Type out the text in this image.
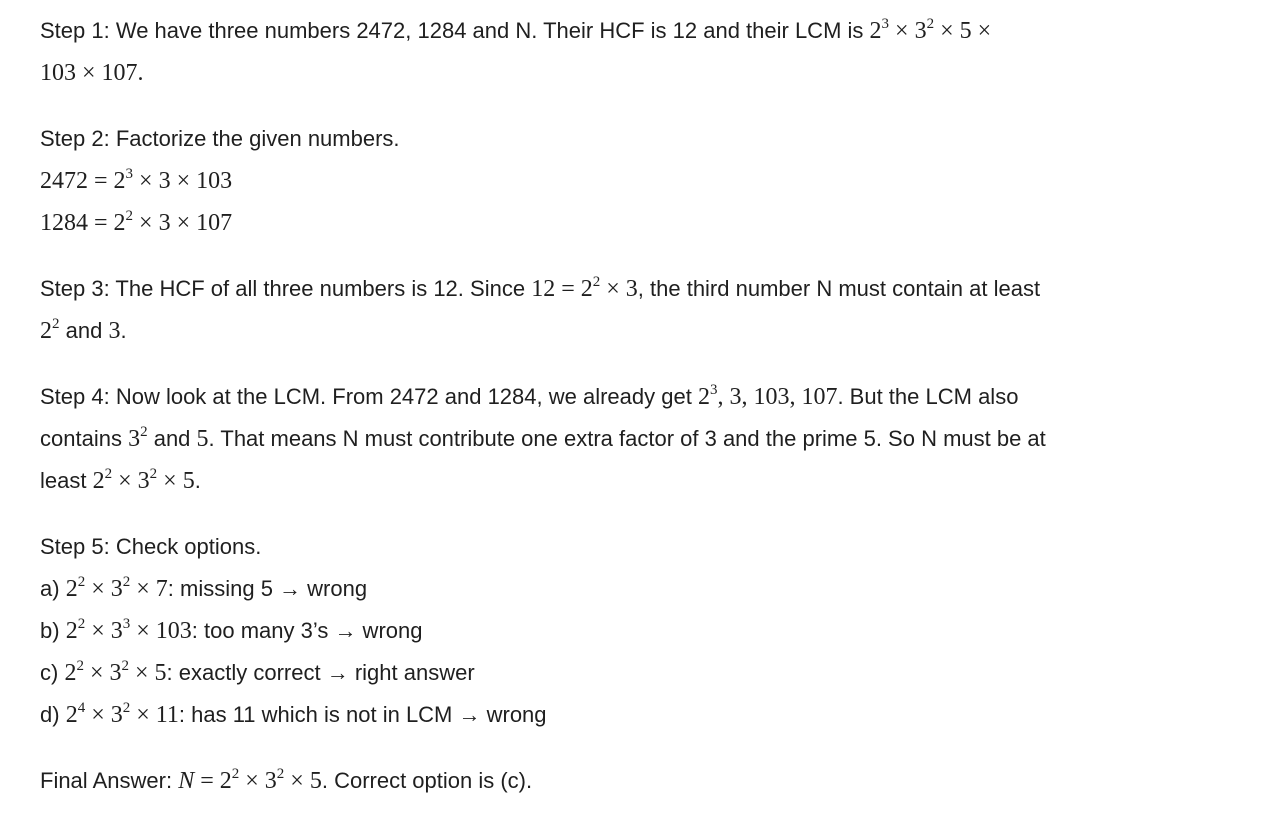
Step 1: We have three numbers 2472, 1284 and N. Their HCF is 12 and their LCM is $2^3 \times 3^2 \times 5$ ×
103 × 107.
Step 2: Factorize the given numbers.
$2472 = 2^3 \times 3 \times 103$
$1284 = 2^2 \times 3 \times 107$
Step 3: The HCF of all three numbers is 12. Since $12 = 2^2 \times 3$, the third number N must contain at least
$2^2$ and 3.
Step 4: Now look at the LCM. From 2472 and 1284, we already get $2^3$, 3, 103, 107. But the LCM also
contains $3^2$ and 5. That means N must contribute one extra factor of 3 and the prime 5. So N must be at
least $2^2 \times 3^2 \times 5$.
Step 5: Check options.
a) $2^2 \times 3^2 \times 7$: missing 5 → wrong
b) $2^2 \times 3^3 \times 103$: too many 3’s → wrong
c) $2^2 \times 3^2 \times 5$: exactly correct → right answer
d) $2^4 \times 3^2 \times 11$: has 11 which is not in LCM → wrong
Final Answer: $N = 2^2 \times 3^2 \times 5$. Correct option is (c).
